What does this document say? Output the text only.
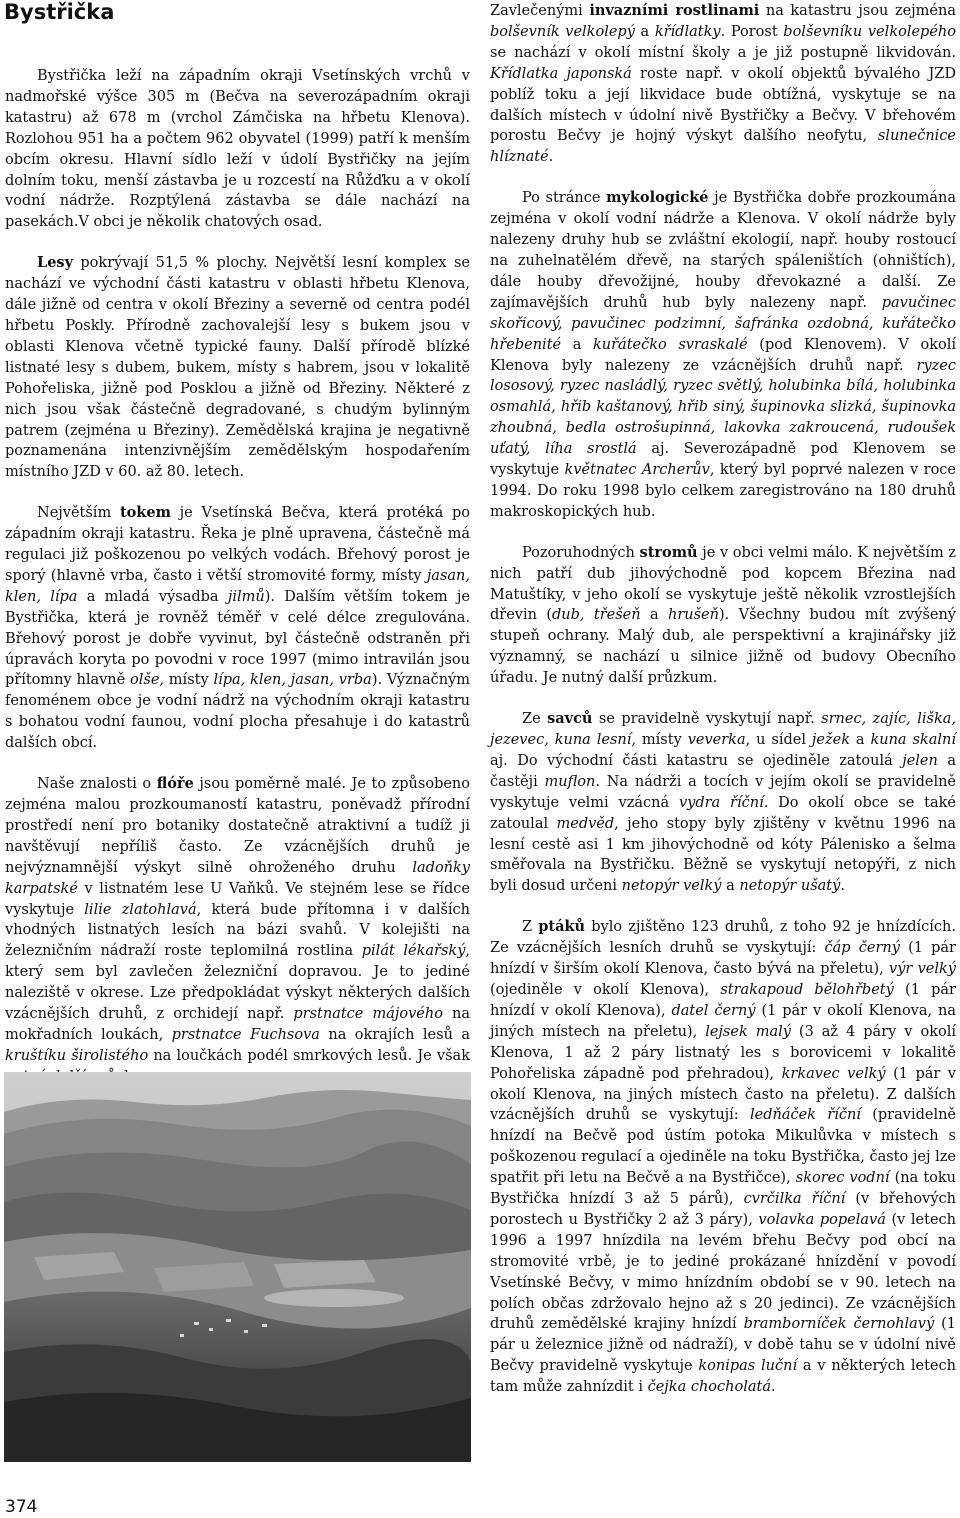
Bystřička

Bystřička leží na západním okraji Vsetínských vrchů v nadmořské výšce 305 m (Bečva na severozápadním okraji katastru) až 678 m (vrchol Zámčiska na hřbetu Klenova). Rozlohou 951 ha a počtem 962 obyvatel (1999) patří k menším obcím okresu. Hlavní sídlo leží v údolí Bystřičky na jejím dolním toku, menší zástavba je u rozcestí na Růžďku a v okolí vodní nádrže. Rozptýlená zástavba se dále nachází na pasekách.V obci je několik chatových osad.

Lesy pokrývají 51,5 % plochy. Největší lesní komplex se nachází ve východní části katastru v oblasti hřbetu Klenova, dále jižně od centra v okolí Březiny a severně od centra podél hřbetu Poskly. Přírodně zachovalejší lesy s bukem jsou v oblasti Klenova včetně typické fauny. Další přírodě blízké listnaté lesy s dubem, bukem, místy s habrem, jsou v lokalitě Pohořeliska, jižně pod Posklou a jižně od Březiny. Některé z nich jsou však částečně degradované, s chudým bylinným patrem (zejména u Březiny). Zemědělská krajina je negativně poznamenána intenzivnějším zemědělským hospodařením místního JZD v 60. až 80. letech.

Největším tokem je Vsetínská Bečva, která protéká po západním okraji katastru. Řeka je plně upravena, částečně má regulaci již poškozenou po velkých vodách. Břehový porost je sporý (hlavně vrba, často i větší stromovité formy, místy jasan, klen, lípa a mladá výsadba jilmů). Dalším větším tokem je Bystřička, která je rovněž téměř v celé délce zregulována. Břehový porost je dobře vyvinut, byl částečně odstraněn při úpravách koryta po povodni v roce 1997 (mimo intravilán jsou přítomny hlavně olše, místy lípa, klen, jasan, vrba). Význačným fenoménem obce je vodní nádrž na východním okraji katastru s bohatou vodní faunou, vodní plocha přesahuje i do katastrů dalších obcí.

Naše znalosti o flóře jsou poměrně malé. Je to způsobeno zejména malou prozkoumaností katastru, poněvadž přírodní prostředí není pro botaniky dostatečně atraktivní a tudíž ji navštěvují nepříliš často. Ze vzácnějších druhů je nejvýznamnější výskyt silně ohroženého druhu ladoňky karpatské v listnatém lese U Vaňků. Ve stejném lese se řídce vyskytuje lilie zlatohlavá, která bude přítomna i v dalších vhodných listnatých lesích na bázi svahů. V kolejišti na železničním nádraží roste teplomilná rostlina pilát lékařský, který sem byl zavlečen železniční dopravou. Je to jediné naleziště v okrese. Lze předpokládat výskyt některých dalších vzácnějších druhů, z orchidejí např. prstnatce májového na mokřadních loukách, prstnatce Fuchsova na okrajích lesů a kruštíku širolistého na loučkách podél smrkových lesů. Je však

Zavlečenými invazními rostlinami na katastru jsou zejména bolševník velkolepý a křídlatky. Porost bolševníku velkolepého se nachází v okolí místní školy a je již postupně likvidován. Křídlatka japonská roste např. v okolí objektů bývalého JZD poblíž toku a její likvidace bude obtížná, vyskytuje se na dalších místech v údolní nivě Bystřičky a Bečvy. V břehovém porostu Bečvy je hojný výskyt dalšího neofytu, slunečnice hlíznaté.

Po stránce mykologické je Bystřička dobře prozkoumána zejména v okolí vodní nádrže a Klenova. V okolí nádrže byly nalezeny druhy hub se zvláštní ekologií, např. houby rostoucí na zuhelnatělém dřevě, na starých spáleništích (ohništích), dále houby dřevožijné, houby dřevokazné a další. Ze zajímavějších druhů hub byly nalezeny např. pavučinec skořicový, pavučinec podzimní, šafránka ozdobná, kuřátečko hřebenité a kuřátečko svraskalé (pod Klenovem). V okolí Klenova byly nalezeny ze vzácnějších druhů např. ryzec lososový, ryzec nasládlý, ryzec světlý, holubinka bílá, holubinka osmahlá, hřib kaštanový, hřib siný, šupinovka slizká, šupinovka zhoubná, bedla ostrošupinná, lakovka zakroucená, rudoušek uťatý, líha srostlá aj. Severozápadně pod Klenovem se vyskytuje květnatec Archerův, který byl poprvé nalezen v roce 1994. Do roku 1998 bylo celkem zaregistrováno na 180 druhů makroskopických hub.

Pozoruhodných stromů je v obci velmi málo. K největším z nich patří dub jihovýchodně pod kopcem Březina nad Matuštíky, v jeho okolí se vyskytuje ještě několik vzrostlejších dřevin (dub, třešeň a hrušeň). Všechny budou mít zvýšený stupeň ochrany. Malý dub, ale perspektivní a krajinářsky již významný, se nachází u silnice jižně od budovy Obecního úřadu. Je nutný další průzkum.

Ze savců se pravidelně vyskytují např. srnec, zajíc, liška, jezevec, kuna lesní, místy veverka, u sídel ježek a kuna skalní aj. Do východní části katastru se ojediněle zatoulá jelen a častěji muflon. Na nádrži a tocích v jejím okolí se pravidelně vyskytuje velmi vzácná vydra říční. Do okolí obce se také zatoulal medvěd, jeho stopy byly zjištěny v květnu 1996 na lesní cestě asi 1 km jihovýchodně od kóty Pálenisko a šelma směřovala na Bystřičku. Běžně se vyskytují netopýři, z nich byli dosud určeni netopýr velký a netopýr ušatý.

Z ptáků bylo zjištěno 123 druhů, z toho 92 je hnízdících. Ze vzácnějších lesních druhů se vyskytují: čáp černý (1 pár hnízdí v širším okolí Klenova, často bývá na přeletu), výr velký (ojediněle v okolí Klenova), strakapoud bělohřbetý (1 pár hnízdí v okolí Klenova), datel černý (1 pár v okolí Klenova, na jiných místech na přeletu), lejsek malý (3 až 4 páry v okolí Klenova, 1 až 2 páry listnatý les s borovicemi v lokalitě Pohořeliska západně pod přehradou), krkavec velký (1 pár v okolí Klenova, na jiných místech často na přeletu). Z dalších vzácnějších druhů se vyskytují: ledňáček říční (pravidelně hnízdí na Bečvě pod ústím potoka Mikulůvka v místech s poškozenou regulací a ojediněle na toku Bystřička, často jej lze spatřit při letu na Bečvě a na Bystřičce), skorec vodní (na toku Bystřička hnízdí 3 až 5 párů), cvrčilka říční (v břehových porostech u Bystřičky 2 až 3 páry), volavka popelavá (v letech 1996 a 1997 hnízdila na levém břehu Bečvy pod obcí na stromovité vrbě, je to jediné prokázané hnízdění v povodí Vsetínské Bečvy, v mimo hnízdním období se v 90. letech na polích občas zdržovalo hejno až s 20 jedinci). Ze vzácnějších druhů zemědělské krajiny hnízdí bramborníček černohlavý (1 pár u železnice jižně od nádraží), v době tahu se v údolní nivě Bečvy pravidelně vyskytuje konipas luční a v některých letech tam může zahnízdit i čejka chocholatá.

374
